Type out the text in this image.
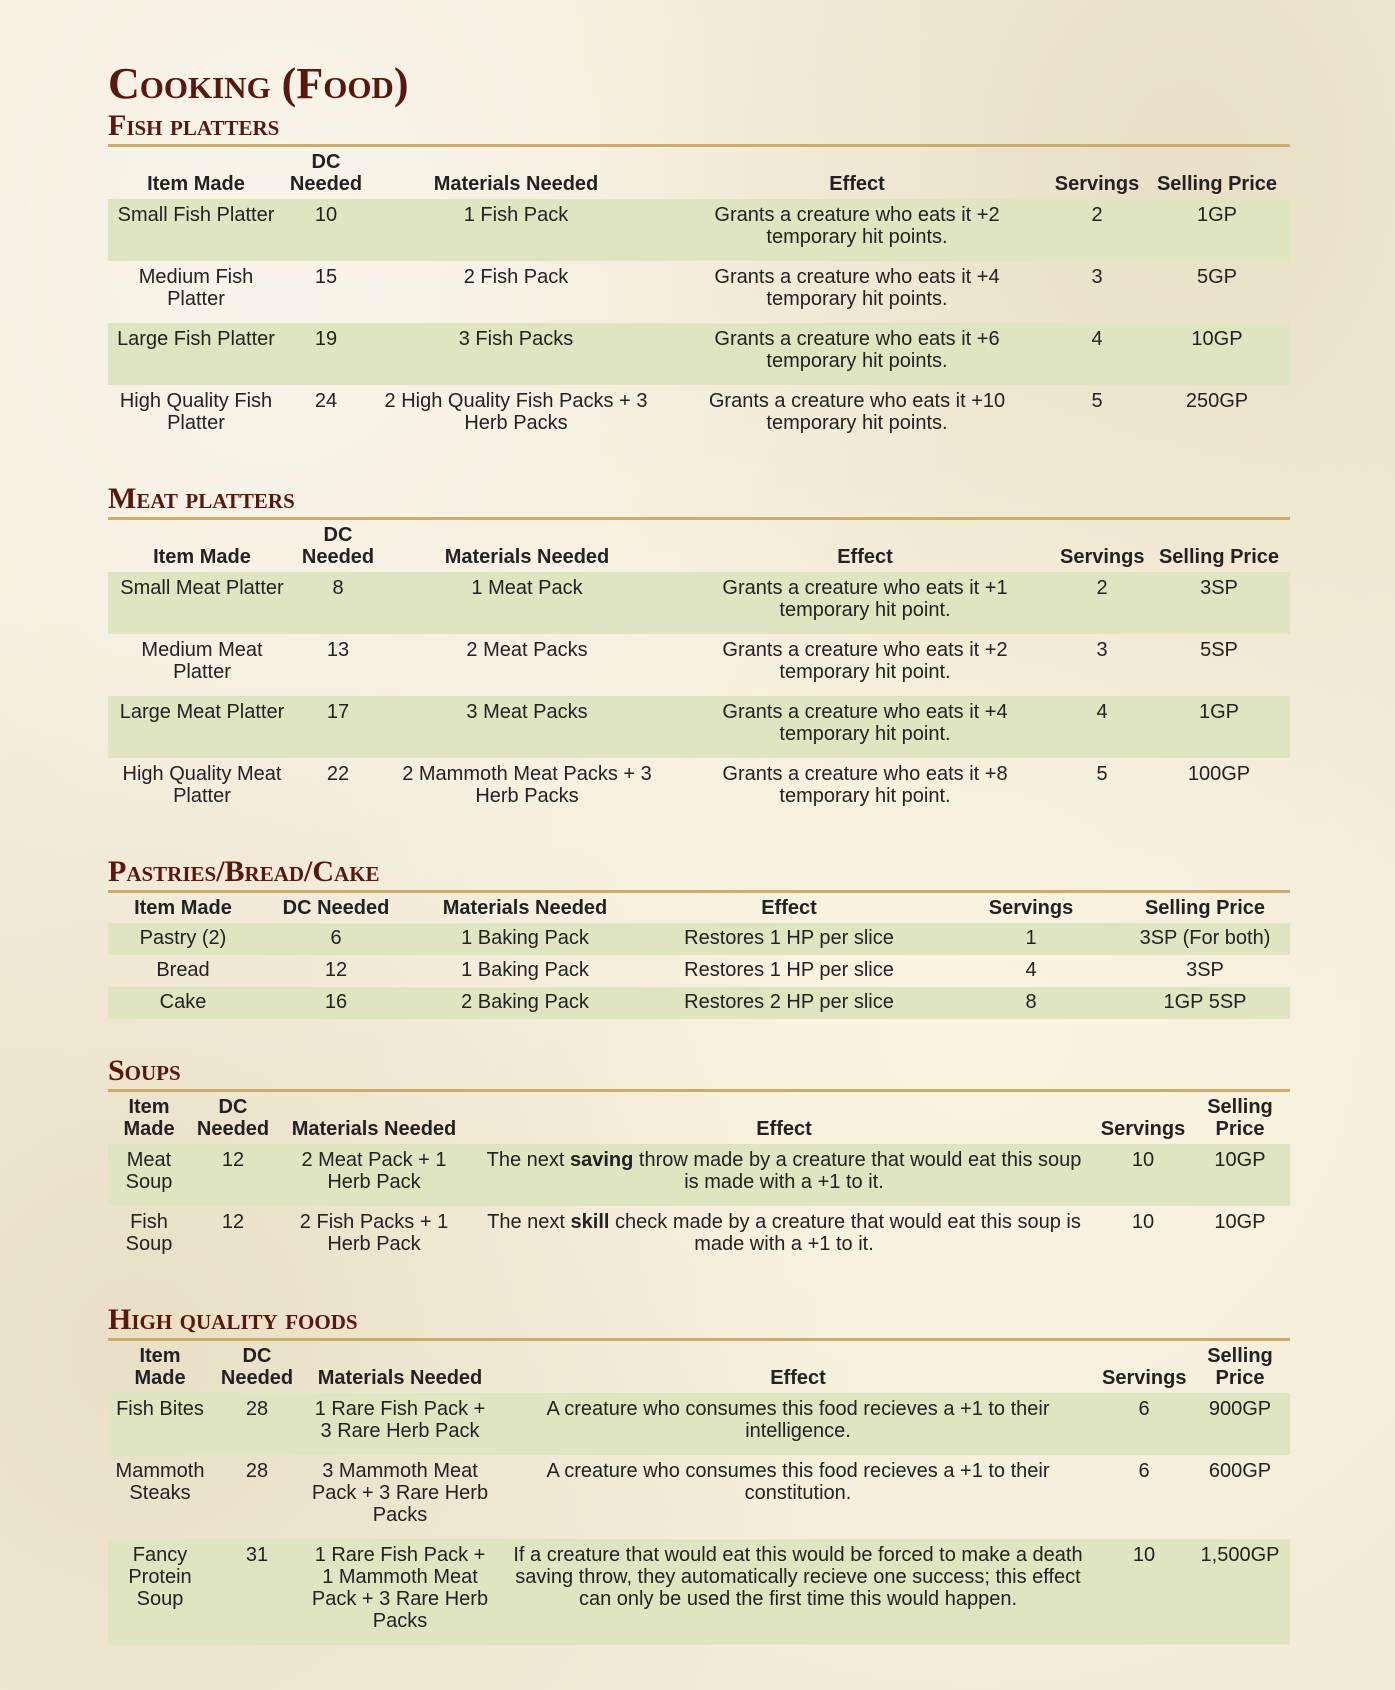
Cooking (Food)
Fish platters
Item Made	DC Needed	Materials Needed	Effect	Servings	Selling Price
Small Fish Platter	10	1 Fish Pack	Grants a creature who eats it +2 temporary hit points.	2	1GP
Medium Fish Platter	15	2 Fish Pack	Grants a creature who eats it +4 temporary hit points.	3	5GP
Large Fish Platter	19	3 Fish Packs	Grants a creature who eats it +6 temporary hit points.	4	10GP
High Quality Fish Platter	24	2 High Quality Fish Packs + 3 Herb Packs	Grants a creature who eats it +10 temporary hit points.	5	250GP
Meat platters
Item Made	DC Needed	Materials Needed	Effect	Servings	Selling Price
Small Meat Platter	8	1 Meat Pack	Grants a creature who eats it +1 temporary hit point.	2	3SP
Medium Meat Platter	13	2 Meat Packs	Grants a creature who eats it +2 temporary hit point.	3	5SP
Large Meat Platter	17	3 Meat Packs	Grants a creature who eats it +4 temporary hit point.	4	1GP
High Quality Meat Platter	22	2 Mammoth Meat Packs + 3 Herb Packs	Grants a creature who eats it +8 temporary hit point.	5	100GP
Pastries/Bread/Cake
Item Made	DC Needed	Materials Needed	Effect	Servings	Selling Price
Pastry (2)	6	1 Baking Pack	Restores 1 HP per slice	1	3SP (For both)
Bread	12	1 Baking Pack	Restores 1 HP per slice	4	3SP
Cake	16	2 Baking Pack	Restores 2 HP per slice	8	1GP 5SP
Soups
Item Made	DC Needed	Materials Needed	Effect	Servings	Selling Price
Meat Soup	12	2 Meat Pack + 1 Herb Pack	The next saving throw made by a creature that would eat this soup is made with a +1 to it.	10	10GP
Fish Soup	12	2 Fish Packs + 1 Herb Pack	The next skill check made by a creature that would eat this soup is made with a +1 to it.	10	10GP
High quality foods
Item Made	DC Needed	Materials Needed	Effect	Servings	Selling Price
Fish Bites	28	1 Rare Fish Pack + 3 Rare Herb Pack	A creature who consumes this food recieves a +1 to their intelligence.	6	900GP
Mammoth Steaks	28	3 Mammoth Meat Pack + 3 Rare Herb Packs	A creature who consumes this food recieves a +1 to their constitution.	6	600GP
Fancy Protein Soup	31	1 Rare Fish Pack + 1 Mammoth Meat Pack + 3 Rare Herb Packs	If a creature that would eat this would be forced to make a death saving throw, they automatically recieve one success; this effect can only be used the first time this would happen.	10	1,500GP
